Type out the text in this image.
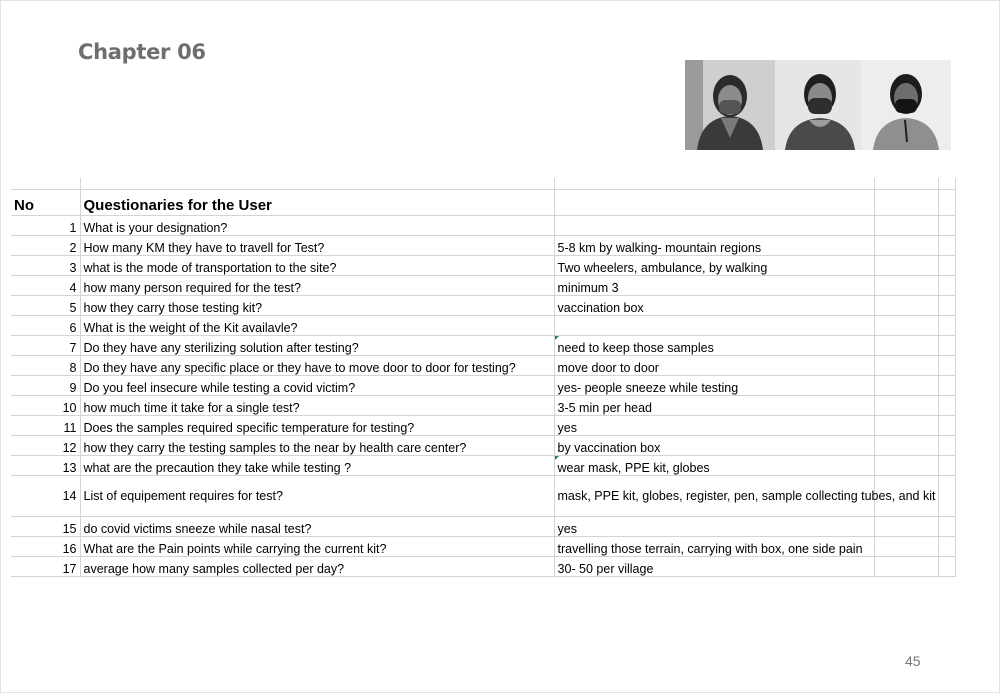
Chapter 06

No	Questionaries for the User			
1	What is your designation?			
2	How many KM they have to travell for Test?	5-8 km by walking- mountain regions		
3	what is the mode of transportation to the site?	Two wheelers, ambulance, by walking		
4	how many person required for the test?	minimum 3		
5	how they carry those testing kit?	vaccination box		
6	What is the weight of the Kit availavle?			
7	Do they have any sterilizing solution after testing?	need to keep those samples		
8	Do they have any specific place or they have to move door to door for testing?	move door to door		
9	Do you feel insecure while testing a covid victim?	yes- people sneeze while testing		
10	how much time it take for a single test?	3-5 min per head		
11	Does the samples required specific temperature for testing?	yes		
12	how they carry the testing samples to the near by health care center?	by vaccination box		
13	what are the precaution they take while testing ?	wear mask, PPE kit, globes		
14	List of equipement requires for test?	mask, PPE kit, globes, register, pen, sample collecting tubes, and kit		
15	do covid victims sneeze while nasal test?	yes		
16	What are the Pain points while carrying the current kit?	travelling those terrain, carrying with box, one side pain		
17	average how many samples collected per day?	30- 50 per village		
45
